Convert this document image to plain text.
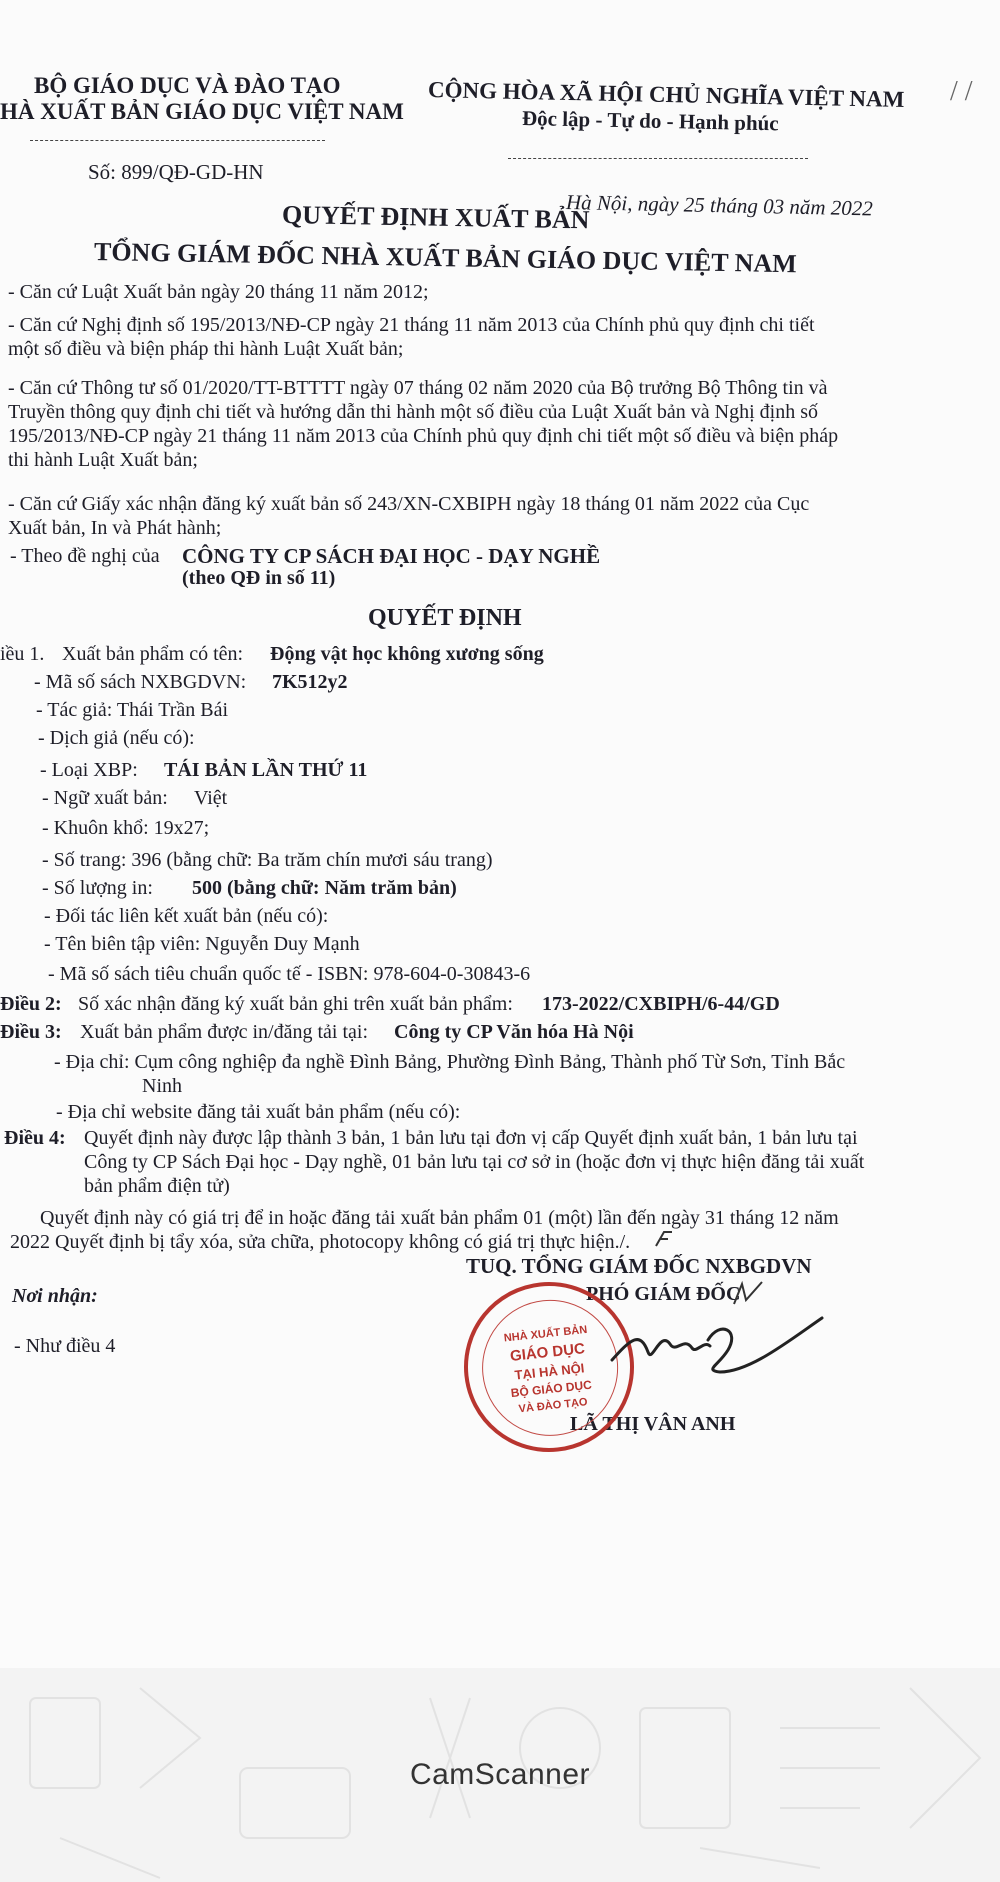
BỘ GIÁO DỤC VÀ ĐÀO TẠO
HÀ XUẤT BẢN GIÁO DỤC VIỆT NAM
Số: 899/QĐ-GD-HN
CỘNG HÒA XÃ HỘI CHỦ NGHĨA VIỆT NAM
Độc lập - Tự do - Hạnh phúc
Hà Nội, ngày 25 tháng 03 năm 2022
/ /
QUYẾT ĐỊNH XUẤT BẢN
TỔNG GIÁM ĐỐC NHÀ XUẤT BẢN GIÁO DỤC VIỆT NAM
- Căn cứ Luật Xuất bản ngày 20 tháng 11 năm 2012;
- Căn cứ Nghị định số 195/2013/NĐ-CP ngày 21 tháng 11 năm 2013 của Chính phủ quy định chi tiết
một số điều và biện pháp thi hành Luật Xuất bản;
- Căn cứ Thông tư số 01/2020/TT-BTTTT ngày 07 tháng 02 năm 2020 của Bộ trưởng Bộ Thông tin và
Truyền thông quy định chi tiết và hướng dẫn thi hành một số điều của Luật Xuất bản và Nghị định số
195/2013/NĐ-CP ngày 21 tháng 11 năm 2013 của Chính phủ quy định chi tiết một số điều và biện pháp
thi hành Luật Xuất bản;
- Căn cứ Giấy xác nhận đăng ký xuất bản số 243/XN-CXBIPH ngày 18 tháng 01 năm 2022 của Cục
Xuất bản, In và Phát hành;
- Theo đề nghị của CÔNG TY CP SÁCH ĐẠI HỌC - DẠY NGHỀ
(theo QĐ in số 11)
QUYẾT ĐỊNH
iều 1. Xuất bản phẩm có tên: Động vật học không xương sống
- Mã số sách NXBGDVN: 7K512y2
- Tác giả: Thái Trần Bái
- Dịch giả (nếu có):
- Loại XBP: TÁI BẢN LẦN THỨ 11
- Ngữ xuất bản: Việt
- Khuôn khổ: 19x27;
- Số trang: 396 (bằng chữ: Ba trăm chín mươi sáu trang)
- Số lượng in: 500 (bằng chữ: Năm trăm bản)
- Đối tác liên kết xuất bản (nếu có):
- Tên biên tập viên: Nguyễn Duy Mạnh
- Mã số sách tiêu chuẩn quốc tế - ISBN: 978-604-0-30843-6
Điều 2: Số xác nhận đăng ký xuất bản ghi trên xuất bản phẩm: 173-2022/CXBIPH/6-44/GD
Điều 3: Xuất bản phẩm được in/đăng tải tại: Công ty CP Văn hóa Hà Nội
- Địa chỉ: Cụm công nghiệp đa nghề Đình Bảng, Phường Đình Bảng, Thành phố Từ Sơn, Tỉnh Bắc
Ninh
- Địa chỉ website đăng tải xuất bản phẩm (nếu có):
Điều 4: Quyết định này được lập thành 3 bản, 1 bản lưu tại đơn vị cấp Quyết định xuất bản, 1 bản lưu tại
Công ty CP Sách Đại học - Dạy nghề, 01 bản lưu tại cơ sở in (hoặc đơn vị thực hiện đăng tải xuất
bản phẩm điện tử)
Quyết định này có giá trị để in hoặc đăng tải xuất bản phẩm 01 (một) lần đến ngày 31 tháng 12 năm
2022 Quyết định bị tẩy xóa, sửa chữa, photocopy không có giá trị thực hiện./.
TUQ. TỔNG GIÁM ĐỐC NXBGDVN
PHÓ GIÁM ĐỐC
LÃ THỊ VÂN ANH
Nơi nhận:
- Như điều 4
NHÀ XUẤT BẢN
GIÁO DỤC
TẠI HÀ NỘI
BỘ GIÁO DỤC
VÀ ĐÀO TẠO
CamScanner
